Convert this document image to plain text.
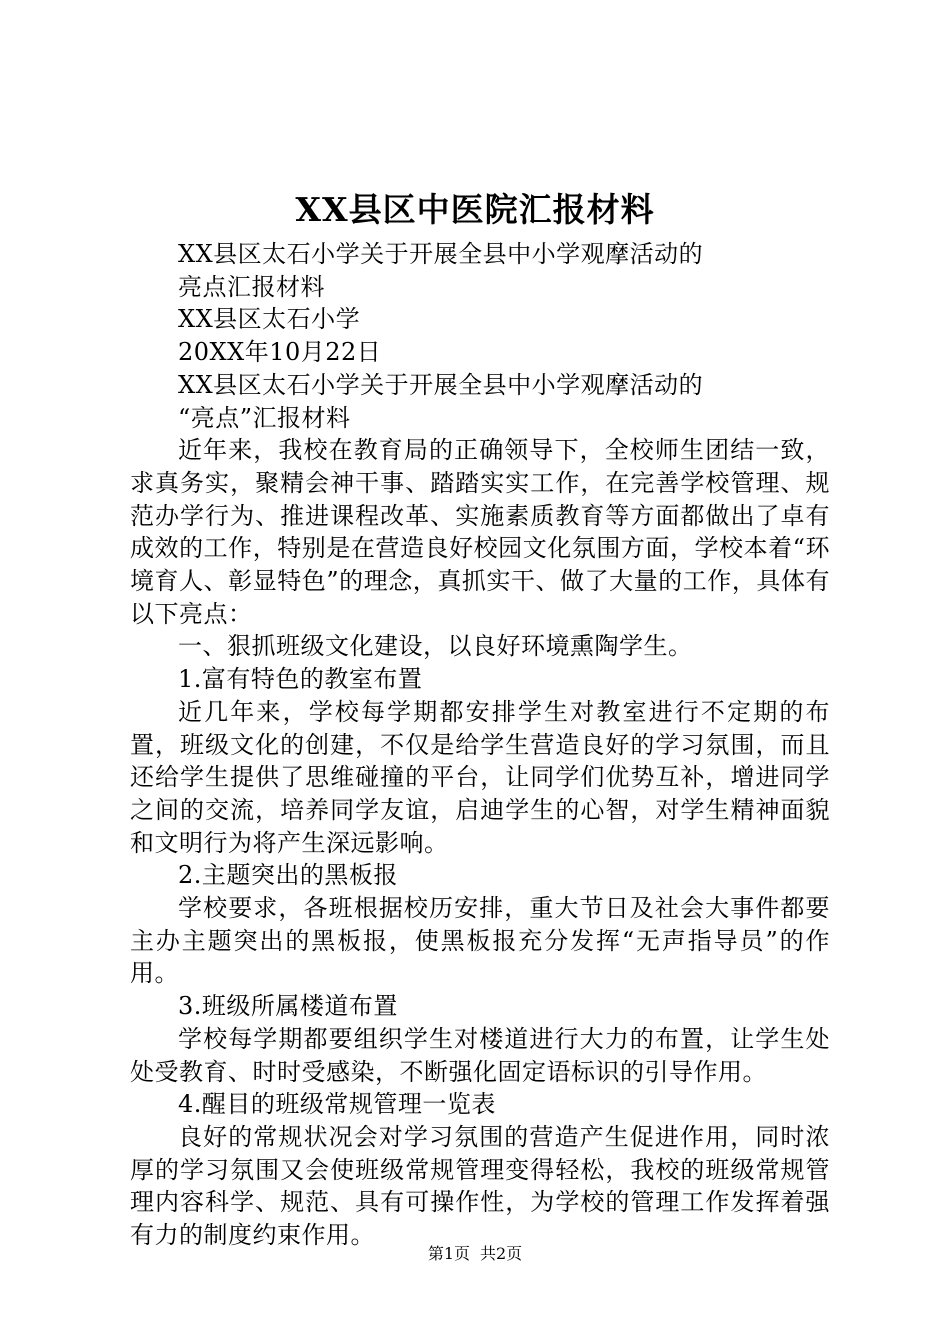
XX县区中医院汇报材料

XX县区太石小学关于开展全县中小学观摩活动的

亮点汇报材料

XX县区太石小学

20XX年10月22日

XX县区太石小学关于开展全县中小学观摩活动的

“亮点”汇报材料

近年来，我校在教育局的正确领导下，全校师生团结一致，求真务实，聚精会神干事、踏踏实实工作，在完善学校管理、规范办学行为、推进课程改革、实施素质教育等方面都做出了卓有成效的工作，特别是在营造良好校园文化氛围方面，学校本着“环境育人、彰显特色”的理念，真抓实干、做了大量的工作，具体有以下亮点：

一、狠抓班级文化建设，以良好环境熏陶学生。

1.富有特色的教室布置

近几年来，学校每学期都安排学生对教室进行不定期的布置，班级文化的创建，不仅是给学生营造良好的学习氛围，而且还给学生提供了思维碰撞的平台，让同学们优势互补，增进同学之间的交流，培养同学友谊，启迪学生的心智，对学生精神面貌和文明行为将产生深远影响。

2.主题突出的黑板报

学校要求，各班根据校历安排，重大节日及社会大事件都要主办主题突出的黑板报，使黑板报充分发挥“无声指导员”的作用。

3.班级所属楼道布置

学校每学期都要组织学生对楼道进行大力的布置，让学生处处受教育、时时受感染，不断强化固定语标识的引导作用。

4.醒目的班级常规管理一览表

良好的常规状况会对学习氛围的营造产生促进作用，同时浓厚的学习氛围又会使班级常规管理变得轻松，我校的班级常规管理内容科学、规范、具有可操作性，为学校的管理工作发挥着强有力的制度约束作用。

第1页 共2页
